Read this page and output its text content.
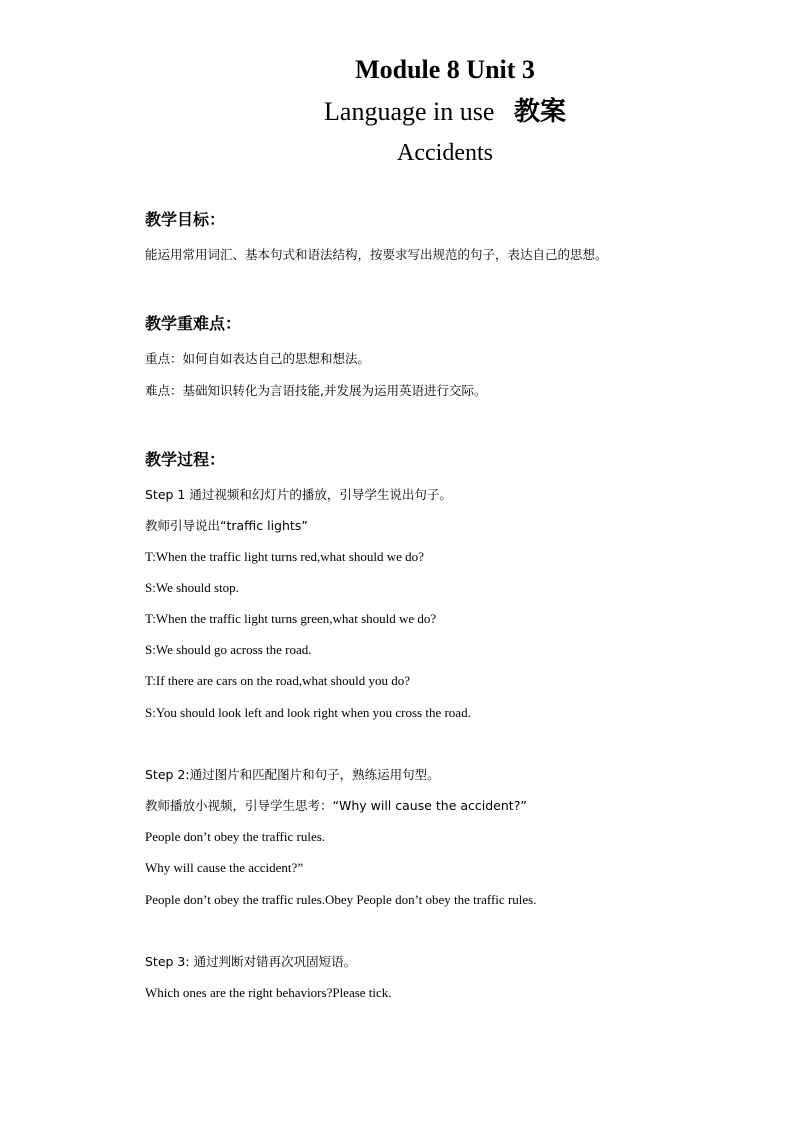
Module 8 Unit 3
Language in use 教案
Accidents
教学目标：
能运用常用词汇、基本句式和语法结构，按要求写出规范的句子，表达自己的思想。
教学重难点：
重点：如何自如表达自己的思想和想法。
难点：基础知识转化为言语技能,并发展为运用英语进行交际。
教学过程：
Step 1 通过视频和幻灯片的播放，引导学生说出句子。
教师引导说出“traffic lights”
T:When the traffic light turns red,what should we do?
S:We should stop.
T:When the traffic light turns green,what should we do?
S:We should go across the road.
T:If there are cars on the road,what should you do?
S:You should look left and look right when you cross the road.
Step 2:通过图片和匹配图片和句子，熟练运用句型。
教师播放小视频，引导学生思考：“Why will cause the accident?”
People don’t obey the traffic rules.
Why will cause the accident?”
People don’t obey the traffic rules.Obey People don’t obey the traffic rules.
Step 3: 通过判断对错再次巩固短语。
Which ones are the right behaviors?Please tick.
